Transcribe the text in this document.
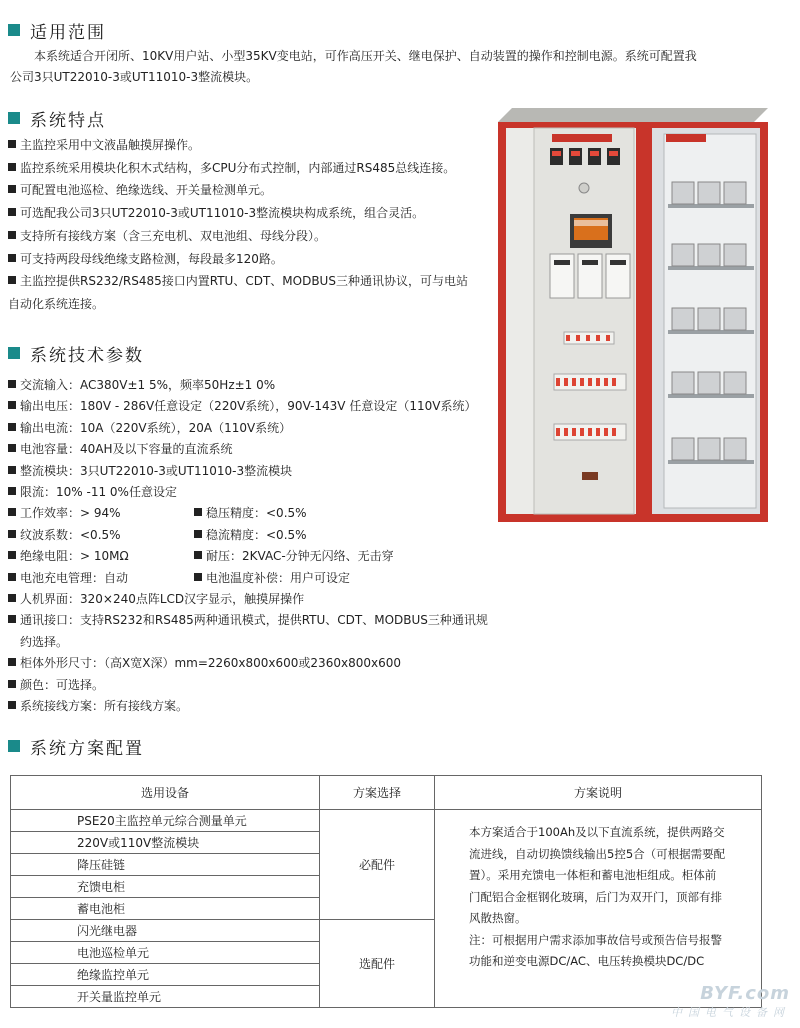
适用范围
本系统适合开闭所、10KV用户站、小型35KV变电站，可作高压开关、继电保护、自动装置的操作和控制电源。系统可配置我
公司3只UT22010-3或UT11010-3整流模块。
系统特点
主监控采用中文液晶触摸屏操作。
监控系统采用模块化积木式结构，多CPU分布式控制，内部通过RS485总线连接。
可配置电池巡检、绝缘选线、开关量检测单元。
可选配我公司3只UT22010-3或UT11010-3整流模块构成系统，组合灵活。
支持所有接线方案（含三充电机、双电池组、母线分段）。
可支持两段母线绝缘支路检测，每段最多120路。
主监控提供RS232/RS485接口内置RTU、CDT、MODBUS三种通讯协议，可与电站
自动化系统连接。
系统技术参数
交流输入：AC380V±1 5%，频率50Hz±1 0%
输出电压：180V - 286V任意设定（220V系统），90V-143V 任意设定（110V系统）
输出电流：10A（220V系统），20A（110V系统）
电池容量：40AH及以下容量的直流系统
整流模块：3只UT22010-3或UT11010-3整流模块
限流：10% -11 0%任意设定
工作效率：> 94%	稳压精度：<0.5%
纹波系数：<0.5%	稳流精度：<0.5%
绝缘电阻：> 10MΩ	耐压：2KVAC-分钟无闪络、无击穿
电池充电管理：自动	电池温度补偿：用户可设定
人机界面：320×240点阵LCD汉字显示，触摸屏操作
通讯接口：支持RS232和RS485两种通讯模式，提供RTU、CDT、MODBUS三种通讯规约选择。
柜体外形尺寸：（高X宽X深）mm=2260x800x600或2360x800x600
颜色：可选择。
系统接线方案：所有接线方案。
系统方案配置
选用设备	方案选择	方案说明
PSE20主监控单元综合测量单元	必配件	本方案适合于100Ah及以下直流系统，提供两路交流进线，自动切换馈线输出5控5合（可根据需要配置）。采用充馈电一体柜和蓄电池柜组成。柜体前门配铝合金框钢化玻璃，后门为双开门，顶部有排风散热窗。

注：可根据用户需求添加事故信号或预告信号报警功能和逆变电源DC/AC、电压转换模块DC/DC

220V或110V整流模块		
降压硅链		
充馈电柜		
蓄电池柜		
闪光继电器	选配件	
电池巡检单元		
绝缘监控单元		
开关量监控单元			BYF.com
中国电气设备网
